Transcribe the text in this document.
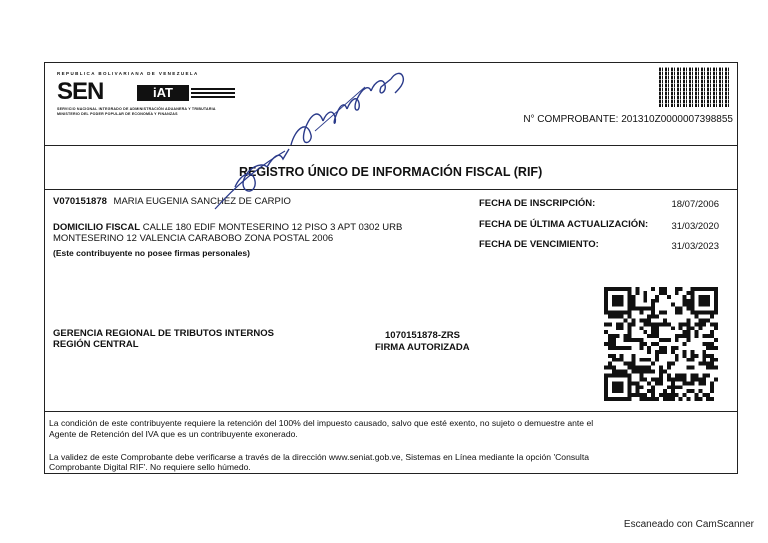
REPUBLICA BOLIVARIANA DE VENEZUELA
SEN	iAT
SERVICIO NACIONAL INTEGRADO DE ADMINISTRACIÓN ADUANERA Y TRIBUTARIA
MINISTERIO DEL PODER POPULAR DE ECONOMÍA Y FINANZAS	N° COMPROBANTE: 201310Z0000007398855
REGISTRO ÚNICO DE INFORMACIÓN FISCAL (RIF)
V070151878 MARIA EUGENIA SANCHEZ DE CARPIO
DOMICILIO FISCAL CALLE 180 EDIF MONTESERINO 12 PISO 3 APT 0302 URB
MONTESERINO 12 VALENCIA CARABOBO ZONA POSTAL 2006
(Este contribuyente no posee firmas personales)
FECHA DE INSCRIPCIÓN:	18/07/2006
FECHA DE ÚLTIMA ACTUALIZACIÓN: 31/03/2020
FECHA DE VENCIMIENTO:	31/03/2023
GERENCIA REGIONAL DE TRIBUTOS INTERNOS
REGIÓN CENTRAL
1070151878-ZRS
FIRMA AUTORIZADA
La condición de este contribuyente requiere la retención del 100% del impuesto causado, salvo que esté exento, no sujeto o demuestre ante el
Agente de Retención del IVA que es un contribuyente exonerado.
La validez de este Comprobante debe verificarse a través de la dirección www.seniat.gob.ve, Sistemas en Línea mediante la opción 'Consulta
Comprobante Digital RIF'. No requiere sello húmedo.
Escaneado con CamScanner
